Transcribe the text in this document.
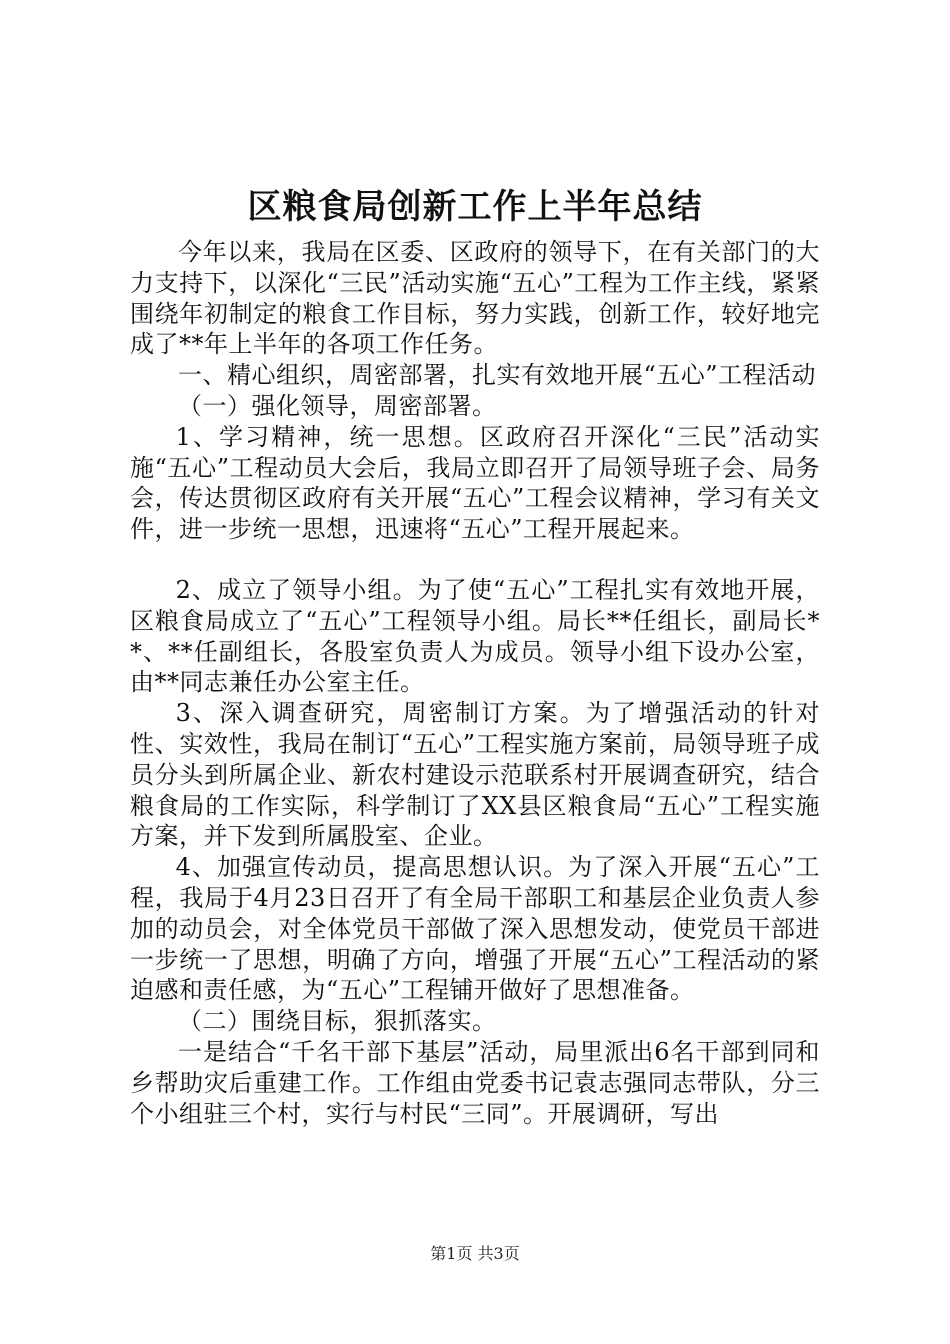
区粮食局创新工作上半年总结

今年以来，我局在区委、区政府的领导下，在有关部门的大力支持下，以深化“三民”活动实施“五心”工程为工作主线，紧紧围绕年初制定的粮食工作目标，努力实践，创新工作，较好地完成了**年上半年的各项工作任务。

一、精心组织，周密部署，扎实有效地开展“五心”工程活动

（一）强化领导，周密部署。

1、学习精神，统一思想。区政府召开深化“三民”活动实施“五心”工程动员大会后，我局立即召开了局领导班子会、局务会，传达贯彻区政府有关开展“五心”工程会议精神，学习有关文件，进一步统一思想，迅速将“五心”工程开展起来。

2、成立了领导小组。为了使“五心”工程扎实有效地开展，区粮食局成立了“五心”工程领导小组。局长**任组长，副局长**、**任副组长，各股室负责人为成员。领导小组下设办公室，由**同志兼任办公室主任。

3、深入调查研究，周密制订方案。为了增强活动的针对性、实效性，我局在制订“五心”工程实施方案前，局领导班子成员分头到所属企业、新农村建设示范联系村开展调查研究，结合粮食局的工作实际，科学制订了XX县区粮食局“五心”工程实施方案，并下发到所属股室、企业。

4、加强宣传动员，提高思想认识。为了深入开展“五心”工程，我局于4月23日召开了有全局干部职工和基层企业负责人参加的动员会，对全体党员干部做了深入思想发动，使党员干部进一步统一了思想，明确了方向，增强了开展“五心”工程活动的紧迫感和责任感，为“五心”工程铺开做好了思想准备。

（二）围绕目标，狠抓落实。

一是结合“千名干部下基层”活动，局里派出6名干部到同和乡帮助灾后重建工作。工作组由党委书记袁志强同志带队，分三个小组驻三个村，实行与村民“三同”。开展调研，写出

第1页 共3页
